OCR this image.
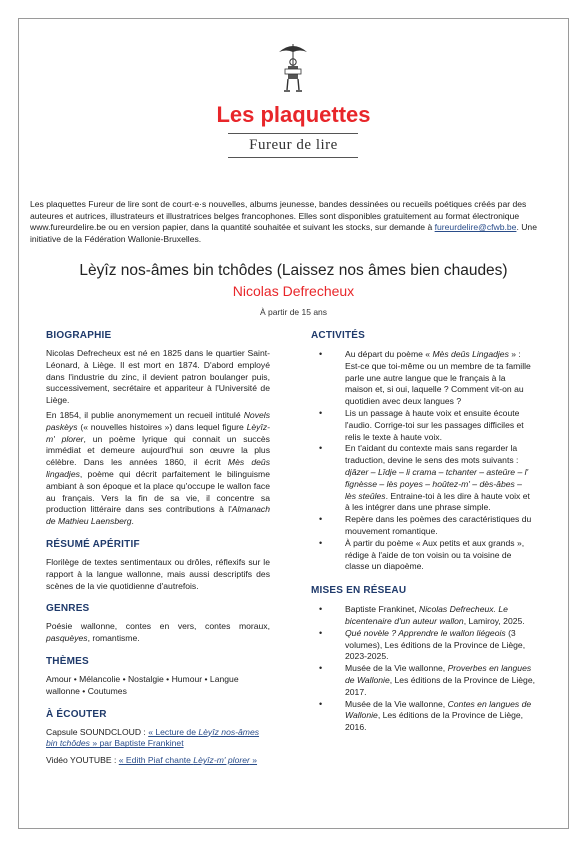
Les plaquettes
Fureur de lire
Les plaquettes Fureur de lire sont de court·e·s nouvelles, albums jeunesse, bandes dessinées ou recueils poétiques créés par des auteures et autrices, illustrateurs et illustratrices belges francophones. Elles sont disponibles gratuitement au format électronique www.fureurdelire.be ou en version papier, dans la quantité souhaitée et suivant les stocks, sur demande à fureurdelire@cfwb.be. Une initiative de la Fédération Wallonie-Bruxelles.
Lèyîz nos-âmes bin tchôdes (Laissez nos âmes bien chaudes)
Nicolas Defrecheux
À partir de 15 ans
BIOGRAPHIE

Nicolas Defrecheux est né en 1825 dans le quartier Saint-Léonard, à Liège. Il est mort en 1874. D'abord employé dans l'industrie du zinc, il devient patron boulanger puis, successivement, secrétaire et appariteur à l'Université de Liège.

En 1854, il publie anonymement un recueil intitulé Novels paskèys (« nouvelles histoires ») dans lequel figure Lèyîz-m' plorer, un poème lyrique qui connait un succès immédiat et demeure aujourd'hui son œuvre la plus célèbre. Dans les années 1860, il écrit Mès deûs lingadjes, poème qui décrit parfaitement le bilinguisme ambiant à son époque et la place qu'occupe le wallon face au français. Vers la fin de sa vie, il concentre sa production littéraire dans ses contributions à l'Almanach de Mathieu Laensberg.

RÉSUMÉ APÉRITIF

Florilège de textes sentimentaux ou drôles, réflexifs sur le rapport à la langue wallonne, mais aussi descriptifs des scènes de la vie quotidienne d'autrefois.

GENRES

Poésie wallonne, contes en vers, contes moraux, pasquèyes, romantisme.

THÈMES

Amour • Mélancolie • Nostalgie • Humour • Langue wallonne • Coutumes

À ÉCOUTER
Capsule SOUNDCLOUD : « Lecture de Lèyîz nos-âmes bin tchôdes » par Baptiste Frankinet
Vidéo YOUTUBE : « Edith Piaf chante Lèyîz-m' plorer »
ACTIVITÉS
• Au départ du poème « Mès deûs Lingadjes » : Est-ce que toi-même ou un membre de ta famille parle une autre langue que le français à la maison et, si oui, laquelle ? Comment vit-on au quotidien avec deux langues ?
• Lis un passage à haute voix et ensuite écoute l'audio. Corrige-toi sur les passages difficiles et relis le texte à haute voix.
• En t'aidant du contexte mais sans regarder la traduction, devine le sens des mots suivants : djâzer – Lîdje – li crama – tchanter – asteûre – l' fignèsse – lès poyes – hoûtez-m' – dès-âbes – lès steûles. Entraine-toi à les dire à haute voix et à les intégrer dans une phrase simple.
• Repère dans les poèmes des caractéristiques du mouvement romantique.
• À partir du poème « Aux petits et aux grands », rédige à l'aide de ton voisin ou ta voisine de classe un diapoème.
MISES EN RÉSEAU
• Baptiste Frankinet, Nicolas Defrecheux. Le bicentenaire d'un auteur wallon, Lamiroy, 2025.
• Qué novèle ? Apprendre le wallon liégeois (3 volumes), Les éditions de la Province de Liège, 2023-2025.
• Musée de la Vie wallonne, Proverbes en langues de Wallonie, Les éditions de la Province de Liège, 2017.
• Musée de la Vie wallonne, Contes en langues de Wallonie, Les éditions de la Province de Liège, 2016.
